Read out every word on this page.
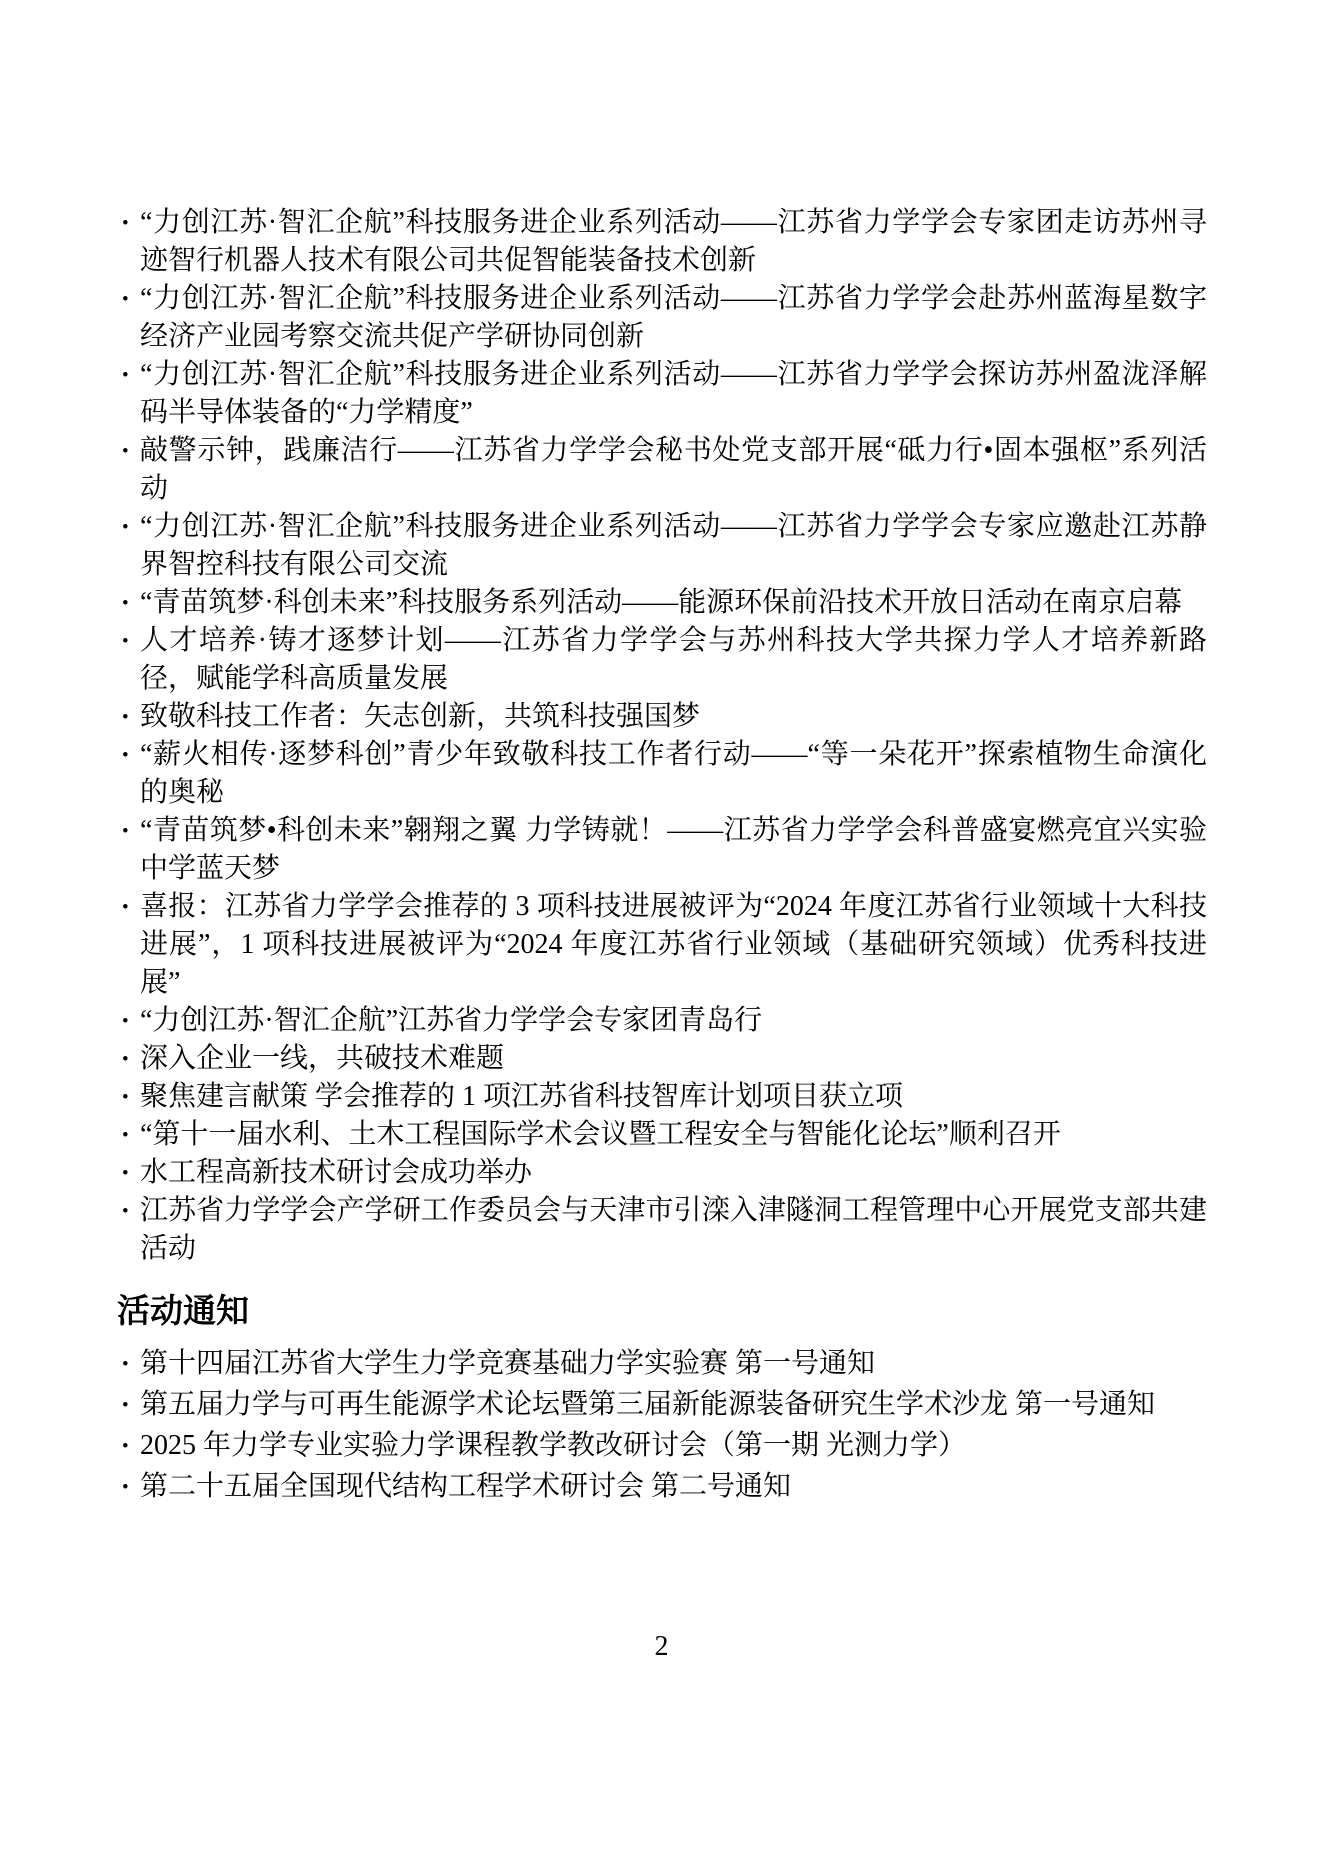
• “力创江苏·智汇企航”科技服务进企业系列活动——江苏省力学学会专家团走访苏州寻迹智行机器人技术有限公司共促智能装备技术创新
• “力创江苏·智汇企航”科技服务进企业系列活动——江苏省力学学会赴苏州蓝海星数字经济产业园考察交流共促产学研协同创新
• “力创江苏·智汇企航”科技服务进企业系列活动——江苏省力学学会探访苏州盈泷泽解码半导体装备的“力学精度”
• 敲警示钟，践廉洁行——江苏省力学学会秘书处党支部开展“砥力行•固本强枢”系列活动
• “力创江苏·智汇企航”科技服务进企业系列活动——江苏省力学学会专家应邀赴江苏静界智控科技有限公司交流
• “青苗筑梦·科创未来”科技服务系列活动——能源环保前沿技术开放日活动在南京启幕
• 人才培养·铸才逐梦计划——江苏省力学学会与苏州科技大学共探力学人才培养新路径，赋能学科高质量发展
• 致敬科技工作者：矢志创新，共筑科技强国梦
• “薪火相传·逐梦科创”青少年致敬科技工作者行动——“等一朵花开”探索植物生命演化的奥秘
• “青苗筑梦•科创未来”翱翔之翼 力学铸就！——江苏省力学学会科普盛宴燃亮宜兴实验中学蓝天梦
• 喜报：江苏省力学学会推荐的 3 项科技进展被评为“2024 年度江苏省行业领域十大科技进展”，1 项科技进展被评为“2024 年度江苏省行业领域（基础研究领域）优秀科技进展”
• “力创江苏·智汇企航”江苏省力学学会专家团青岛行
• 深入企业一线，共破技术难题
• 聚焦建言献策 学会推荐的 1 项江苏省科技智库计划项目获立项
• “第十一届水利、土木工程国际学术会议暨工程安全与智能化论坛”顺利召开
• 水工程高新技术研讨会成功举办
• 江苏省力学学会产学研工作委员会与天津市引滦入津隧洞工程管理中心开展党支部共建活动
活动通知
• 第十四届江苏省大学生力学竞赛基础力学实验赛 第一号通知
• 第五届力学与可再生能源学术论坛暨第三届新能源装备研究生学术沙龙 第一号通知
• 2025 年力学专业实验力学课程教学教改研讨会（第一期 光测力学）
• 第二十五届全国现代结构工程学术研讨会 第二号通知
2
